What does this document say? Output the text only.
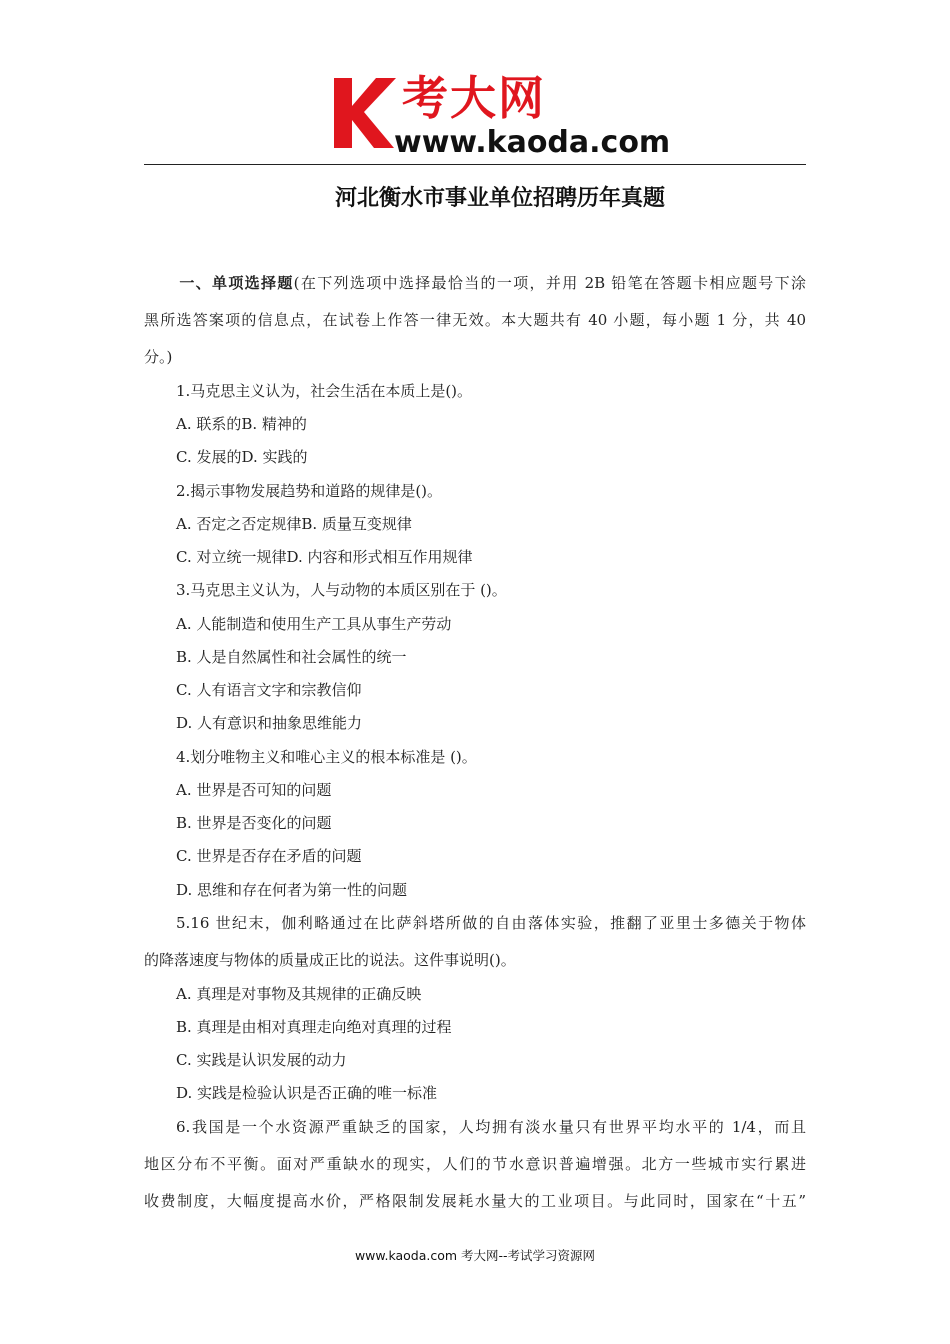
考大网
www.kaoda.com
河北衡水市事业单位招聘历年真题
一、单项选择题(在下列选项中选择最恰当的一项，并用 2B 铅笔在答题卡相应题号下涂
黑所选答案项的信息点，在试卷上作答一律无效。本大题共有 40 小题，每小题 1 分，共 40
分。)
1.马克思主义认为，社会生活在本质上是()。
A. 联系的B. 精神的
C. 发展的D. 实践的
2.揭示事物发展趋势和道路的规律是()。
A. 否定之否定规律B. 质量互变规律
C. 对立统一规律D. 内容和形式相互作用规律
3.马克思主义认为，人与动物的本质区别在于 ()。
A. 人能制造和使用生产工具从事生产劳动
B. 人是自然属性和社会属性的统一
C. 人有语言文字和宗教信仰
D. 人有意识和抽象思维能力
4.划分唯物主义和唯心主义的根本标准是 ()。
A. 世界是否可知的问题
B. 世界是否变化的问题
C. 世界是否存在矛盾的问题
D. 思维和存在何者为第一性的问题
5.16 世纪末，伽利略通过在比萨斜塔所做的自由落体实验，推翻了亚里士多德关于物体
的降落速度与物体的质量成正比的说法。这件事说明()。
A. 真理是对事物及其规律的正确反映
B. 真理是由相对真理走向绝对真理的过程
C. 实践是认识发展的动力
D. 实践是检验认识是否正确的唯一标准
6.我国是一个水资源严重缺乏的国家，人均拥有淡水量只有世界平均水平的 1/4，而且
地区分布不平衡。面对严重缺水的现实，人们的节水意识普遍增强。北方一些城市实行累进
收费制度，大幅度提高水价，严格限制发展耗水量大的工业项目。与此同时，国家在“十五”
www.kaoda.com 考大网--考试学习资源网
